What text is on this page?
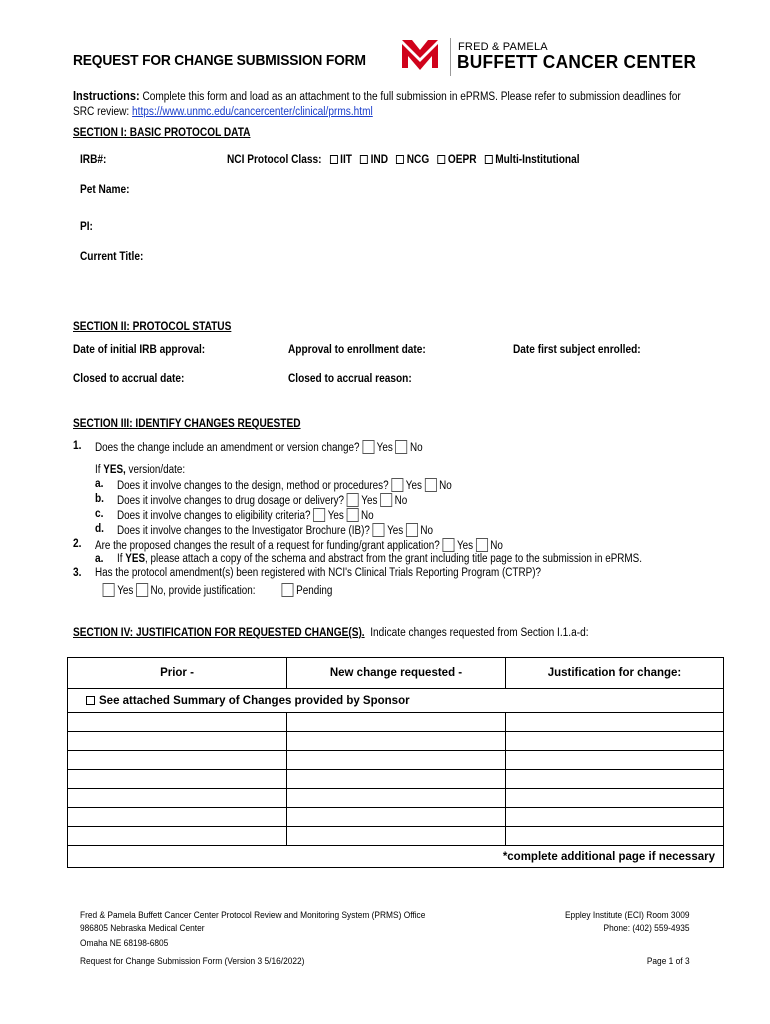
REQUEST FOR CHANGE SUBMISSION FORM
FRED & PAMELA
BUFFETT CANCER CENTER
Instructions: Complete this form and load as an attachment to the full submission in ePRMS. Please refer to submission deadlines for
SRC review: https://www.unmc.edu/cancercenter/clinical/prms.html
SECTION I: BASIC PROTOCOL DATA
IRB#:	NCI Protocol Class: IIT IND NCG OEPR Multi-Institutional
Pet Name:
PI:
Current Title:
SECTION II: PROTOCOL STATUS
Date of initial IRB approval:	Approval to enrollment date:	Date first subject enrolled:
Closed to accrual date:	Closed to accrual reason:
SECTION III: IDENTIFY CHANGES REQUESTED
1. Does the change include an amendment or version change? Yes No
If YES, version/date:
a. Does it involve changes to the design, method or procedures? Yes No
b. Does it involve changes to drug dosage or delivery? Yes No
c. Does it involve changes to eligibility criteria? Yes No
d. Does it involve changes to the Investigator Brochure (IB)? Yes No
2. Are the proposed changes the result of a request for funding/grant application? Yes No
a. If YES, please attach a copy of the schema and abstract from the grant including title page to the submission in ePRMS.
3. Has the protocol amendment(s) been registered with NCI's Clinical Trials Reporting Program (CTRP)?
Yes No, provide justification:	Pending
SECTION IV: JUSTIFICATION FOR REQUESTED CHANGE(S). Indicate changes requested from Section I.1.a-d:
Prior -	New change requested -	Justification for change:
See attached Summary of Changes provided by Sponsor		

*complete additional page if necessary		
Fred & Pamela Buffett Cancer Center Protocol Review and Monitoring System (PRMS) Office
986805 Nebraska Medical Center
Omaha NE 68198-6805
Eppley Institute (ECI) Room 3009
Phone: (402) 559-4935
Request for Change Submission Form (Version 3 5/16/2022)	Page 1 of 3
